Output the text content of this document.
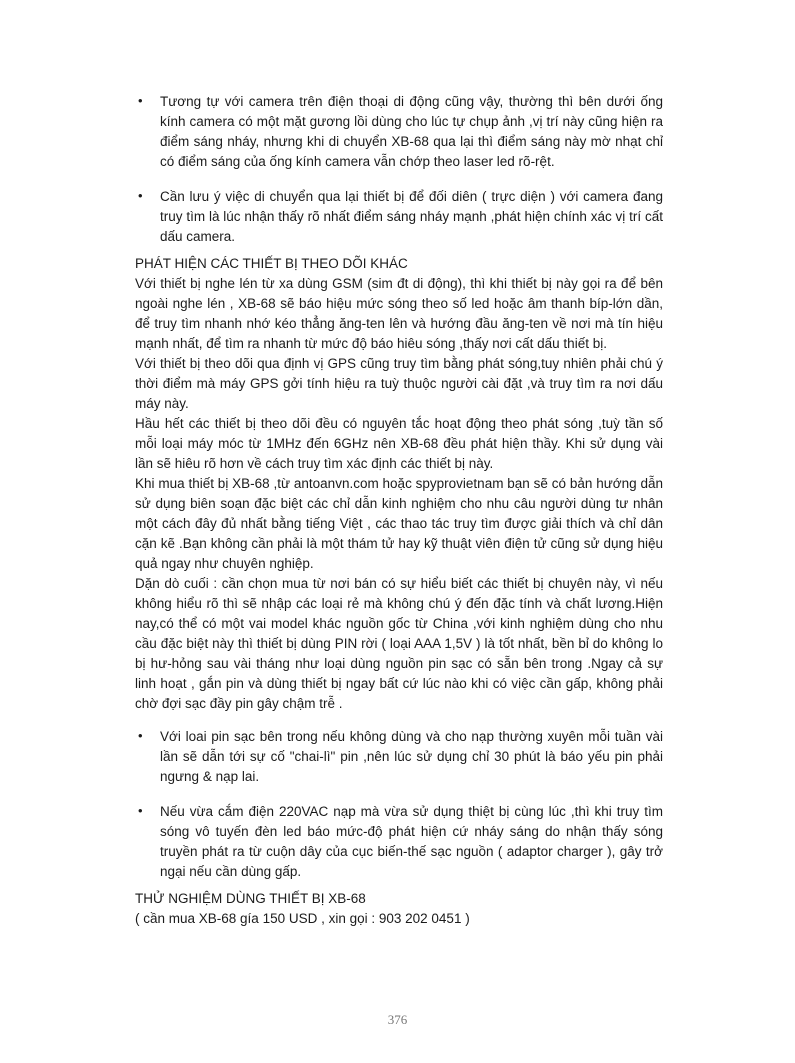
• Tương tự với camera trên điện thoại di động cũng vậy, thường thì bên dưới ống kính camera có một mặt gương lồi dùng cho lúc tự chụp ảnh ,vị trí này cũng hiện ra điểm sáng nháy, nhưng khi di chuyển XB-68 qua lại thì điểm sáng này mờ nhạt chỉ có điểm sáng của ống kính camera vẫn chớp theo laser led rõ-rệt.
• Cần lưu ý việc di chuyển qua lại thiết bị để đối diên ( trực diện ) với camera đang truy tìm là lúc nhận thấy rõ nhất điểm sáng nháy mạnh ,phát hiện chính xác vị trí cất dấu camera.
PHÁT HIỆN CÁC THIẾT BỊ THEO DÕI KHÁC

Với thiết bị nghe lén từ xa dùng GSM (sim đt di động), thì khi thiết bị này gọi ra để bên ngoài nghe lén , XB-68 sẽ báo hiệu mức sóng theo số led hoặc âm thanh bíp-lớn dần, để truy tìm nhanh nhớ kéo thẳng ăng-ten lên và hướng đầu ăng-ten về nơi mà tín hiệu mạnh nhất, để tìm ra nhanh từ mức độ báo hiêu sóng ,thấy nơi cất dấu thiết bị.

Với thiết bị theo dõi qua định vị GPS cũng truy tìm bằng phát sóng,tuy nhiên phải chú ý thời điểm mà máy GPS gởi tính hiệu ra tuỳ thuộc người cài đặt ,và truy tìm ra nơi dấu máy này.

Hầu hết các thiết bị theo dõi đều có nguyên tắc hoạt động theo phát sóng ,tuỳ tần số mỗi loại máy móc từ 1MHz đến 6GHz nên XB-68 đều phát hiện thầy. Khi sử dụng vài lần sẽ hiêu rõ hơn về cách truy tìm xác định các thiết bị này.

Khi mua thiết bị XB-68 ,từ antoanvn.com hoặc spyprovietnam bạn sẽ có bản hướng dẫn sử dụng biên soạn đặc biệt các chỉ dẫn kinh nghiệm cho nhu câu người dùng tư nhân một cách đây đủ nhất bằng tiếng Việt , các thao tác truy tìm được giải thích và chỉ dân cặn kẽ .Bạn không cần phải là một thám tử hay kỹ thuật viên điện tử cũng sử dụng hiệu quả ngay như chuyên nghiệp.

Dặn dò cuối : cần chọn mua từ nơi bán có sự hiểu biết các thiết bị chuyên này, vì nếu không hiểu rõ thì sẽ nhập các loại rẻ mà không chú ý đến đặc tính và chất lương.Hiện nay,có thể có một vai model khác nguồn gốc từ China ,với kinh nghiệm dùng cho nhu cầu đặc biệt này thì thiết bị dùng PIN rời ( loại AAA 1,5V ) là tốt nhất, bền bỉ do không lo bị hư-hỏng sau vài tháng như loại dùng nguồn pin sạc có sẵn bên trong .Ngay cả sự linh hoạt , gắn pin và dùng thiết bị ngay bất cứ lúc nào khi có việc cần gấp, không phải chờ đợi sạc đầy pin gây chậm trễ .

• Với loai pin sạc bên trong nếu không dùng và cho nạp thường xuyên mỗi tuần vài lần sẽ dẫn tới sự cố "chai-lì" pin ,nên lúc sử dụng chỉ 30 phút là báo yếu pin phải ngưng & nạp lai.
• Nếu vừa cắm điện 220VAC nạp mà vừa sử dụng thiệt bị cùng lúc ,thì khi truy tìm sóng vô tuyến đèn led báo mức-độ phát hiện cứ nháy sáng do nhận thấy sóng truyền phát ra từ cuộn dây của cục biến-thế sạc nguồn ( adaptor charger ), gây trở ngại nếu cần dùng gấp.
THỬ NGHIỆM DÙNG THIẾT BỊ XB-68

( cần mua XB-68 gía 150 USD , xin gọi : 903 202 0451 )

376
